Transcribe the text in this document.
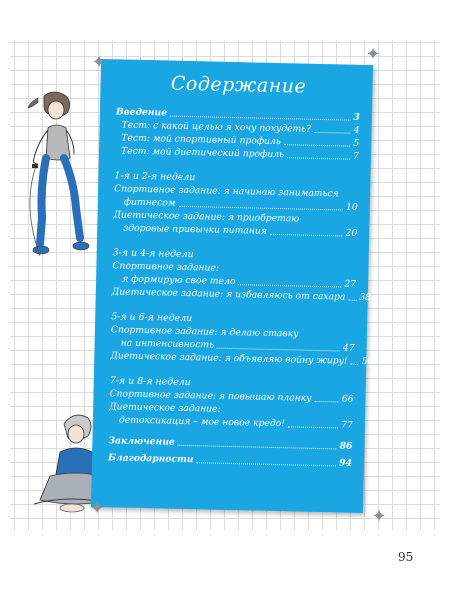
Содержание
Введение	3
Тест: с какой целью я хочу похудеть?	4
Тест: мой спортивный профиль	5
Тест: мой диетический профиль	7
1-я и 2-я недели
Спортивное задание: я начинаю заниматься
фитнесом	10
Диетическое задание: я приобретаю
здоровые привычки питания	20
3-я и 4-я недели
Спортивное задание:
я формирую свое тело	27
Диетическое задание: я избавляюсь от сахара 38
5-я и 6-я недели
Спортивное задание: я делаю ставку
на интенсивность	47
Диетическое задание: я объявляю войну жиру! 56
7-я и 8-я недели
Спортивное задание: я повышаю планку	66
Диетическое задание:
детоксикация – мое новое кредо!	77
Заключение	86
Благодарности	94
✦	✦
✦	✦
95
